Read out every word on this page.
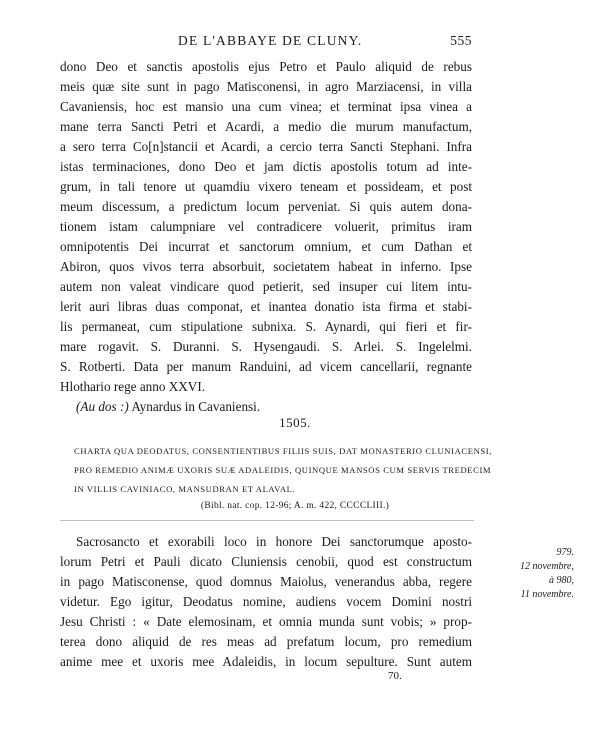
DE L'ABBAYE DE CLUNY.	555
dono Deo et sanctis apostolis ejus Petro et Paulo aliquid de rebus
meis quæ site sunt in pago Matisconensi, in agro Marziacensi, in villa
Cavaniensis, hoc est mansio una cum vinea; et terminat ipsa vinea a
mane terra Sancti Petri et Acardi, a medio die murum manufactum,
a sero terra Co[n]stancii et Acardi, a cercio terra Sancti Stephani. Infra
istas terminaciones, dono Deo et jam dictis apostolis totum ad inte-
grum, in tali tenore ut quamdiu vixero teneam et possideam, et post
meum discessum, a predictum locum perveniat. Si quis autem dona-
tionem istam calumpniare vel contradicere voluerit, primitus iram
omnipotentis Dei incurrat et sanctorum omnium, et cum Dathan et
Abiron, quos vivos terra absorbuit, societatem habeat in inferno. Ipse
autem non valeat vindicare quod petierit, sed insuper cui litem intu-
lerit auri libras duas componat, et inantea donatio ista firma et stabi-
lis permaneat, cum stipulatione subnixa. S. Aynardi, qui fieri et fir-
mare rogavit. S. Duranni. S. Hysengaudi. S. Arlei. S. Ingelelmi.
S. Rotberti. Data per manum Randuini, ad vicem cancellarii, regnante
Hlothario rege anno XXVI.
(Au dos :) Aynardus in Cavaniensi.
1505.
CHARTA QUA DEODATUS, CONSENTIENTIBUS FILIIS SUIS, DAT MONASTERIO CLUNIACENSI,
PRO REMEDIO ANIMÆ UXORIS SUÆ ADALEIDIS, QUINQUE MANSOS CUM SERVIS TREDECIM
IN VILLIS CAVINIACO, MANSUDRAN ET ALAVAL.
(Bibl. nat. cop. 12-96; A. m. 422, CCCCLIII.)
Sacrosancto et exorabili loco in honore Dei sanctorumque aposto-
lorum Petri et Pauli dicato Cluniensis cenobii, quod est constructum
in pago Matisconense, quod domnus Maiolus, venerandus abba, regere
videtur. Ego igitur, Deodatus nomine, audiens vocem Domini nostri
Jesu Christi : « Date elemosinam, et omnia munda sunt vobis; » prop-
terea dono aliquid de res meas ad prefatum locum, pro remedium
anime mee et uxoris mee Adaleidis, in locum sepulture. Sunt autem
979.
12 novembre,
à 980,
11 novembre.
70.
